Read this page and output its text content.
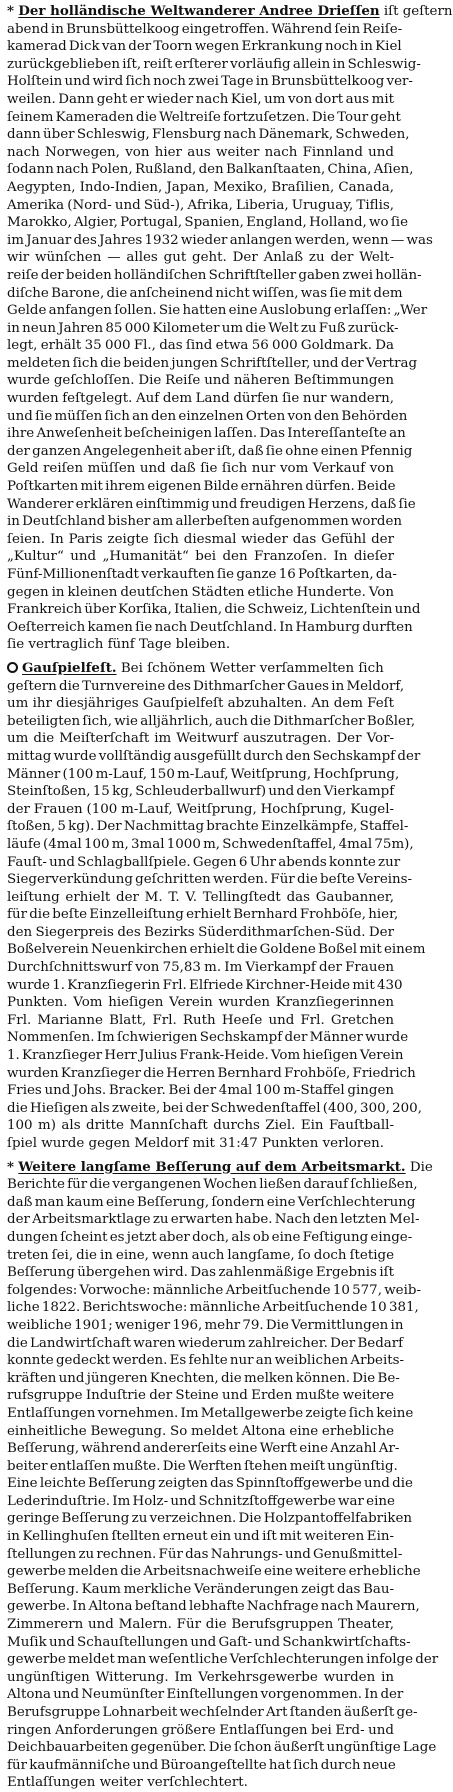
* Der holländische Weltwanderer Andree Drieſſen iſt geſtern
abend in Brunsbüttelkoog eingetroffen. Während ſein Reiſe-
kamerad Dick van der Toorn wegen Erkrankung noch in Kiel
zurückgeblieben iſt, reiſt erſterer vorläufig allein in Schleswig-
Holſtein und wird ſich noch zwei Tage in Brunsbüttelkoog ver-
weilen. Dann geht er wieder nach Kiel, um von dort aus mit
ſeinem Kameraden die Weltreiſe fortzuſetzen. Die Tour geht
dann über Schleswig, Flensburg nach Dänemark, Schweden,
nach Norwegen, von hier aus weiter nach Finnland und
ſodann nach Polen, Rußland, den Balkanſtaaten, China, Aſien,
Aegypten, Indo-Indien, Japan, Mexiko, Braſilien, Canada,
Amerika (Nord- und Süd-), Afrika, Liberia, Uruguay, Tiflis,
Marokko, Algier, Portugal, Spanien, England, Holland, wo ſie
im Januar des Jahres 1932 wieder anlangen werden, wenn — was
wir wünſchen — alles gut geht. Der Anlaß zu der Welt-
reiſe der beiden holländiſchen Schriftſteller gaben zwei hollän-
diſche Barone, die anſcheinend nicht wiſſen, was ſie mit dem
Gelde anfangen ſollen. Sie hatten eine Auslobung erlaſſen: „Wer
in neun Jahren 85 000 Kilometer um die Welt zu Fuß zurück-
legt, erhält 35 000 Fl., das ſind etwa 56 000 Goldmark. Da
meldeten ſich die beiden jungen Schriftſteller, und der Vertrag
wurde geſchloſſen. Die Reiſe und näheren Beſtimmungen
wurden feſtgelegt. Auf dem Land dürfen ſie nur wandern,
und ſie müſſen ſich an den einzelnen Orten von den Behörden
ihre Anweſenheit beſcheinigen laſſen. Das Intereſſanteſte an
der ganzen Angelegenheit aber iſt, daß ſie ohne einen Pfennig
Geld reiſen müſſen und daß ſie ſich nur vom Verkauf von
Poſtkarten mit ihrem eigenen Bilde ernähren dürfen. Beide
Wanderer erklären einſtimmig und freudigen Herzens, daß ſie
in Deutſchland bisher am allerbeſten aufgenommen worden
ſeien. In Paris zeigte ſich diesmal wieder das Gefühl der
„Kultur“ und „Humanität“ bei den Franzoſen. In dieſer
Fünf-Millionenſtadt verkauften ſie ganze 16 Poſtkarten, da-
gegen in kleinen deutſchen Städten etliche Hunderte. Von
Frankreich über Korſika, Italien, die Schweiz, Lichtenſtein und
Oeſterreich kamen ſie nach Deutſchland. In Hamburg durften
ſie vertraglich fünf Tage bleiben.
Gauſpielfeſt. Bei ſchönem Wetter verſammelten ſich
geſtern die Turnvereine des Dithmarſcher Gaues in Meldorf,
um ihr diesjähriges Gauſpielfeſt abzuhalten. An dem Feſt
beteiligten ſich, wie alljährlich, auch die Dithmarſcher Boßler,
um die Meiſterſchaft im Weitwurf auszutragen. Der Vor-
mittag wurde vollſtändig ausgefüllt durch den Sechskampf der
Männer (100 m-Lauf, 150 m-Lauf, Weitſprung, Hochſprung,
Steinſtoßen, 15 kg, Schleuderballwurf) und den Vierkampf
der Frauen (100 m-Lauf, Weitſprung, Hochſprung, Kugel-
ſtoßen, 5 kg). Der Nachmittag brachte Einzelkämpfe, Staffel-
läufe (4mal 100 m, 3mal 1000 m, Schwedenſtaffel, 4mal 75m),
Fauſt- und Schlagballſpiele. Gegen 6 Uhr abends konnte zur
Siegerverkündung geſchritten werden. Für die beſte Vereins-
leiſtung erhielt der M. T. V. Tellingſtedt das Gaubanner,
für die beſte Einzelleiſtung erhielt Bernhard Frohböſe, hier,
den Siegerpreis des Bezirks Süderdithmarſchen-Süd. Der
Boßelverein Neuenkirchen erhielt die Goldene Boßel mit einem
Durchſchnittswurf von 75,83 m. Im Vierkampf der Frauen
wurde 1. Kranzſiegerin Frl. Elfriede Kirchner-Heide mit 430
Punkten. Vom hieſigen Verein wurden Kranzſiegerinnen
Frl. Marianne Blatt, Frl. Ruth Heeſe und Frl. Gretchen
Nommenſen. Im ſchwierigen Sechskampf der Männer wurde
1. Kranzſieger Herr Julius Frank-Heide. Vom hieſigen Verein
wurden Kranzſieger die Herren Bernhard Frohböſe, Friedrich
Fries und Johs. Bracker. Bei der 4mal 100 m-Staffel gingen
die Hieſigen als zweite, bei der Schwedenſtaffel (400, 300, 200,
100 m) als dritte Mannſchaft durchs Ziel. Ein Fauſtball-
ſpiel wurde gegen Meldorf mit 31:47 Punkten verloren.
* Weitere langſame Beſſerung auf dem Arbeitsmarkt. Die
Berichte für die vergangenen Wochen ließen darauf ſchließen,
daß man kaum eine Beſſerung, ſondern eine Verſchlechterung
der Arbeitsmarktlage zu erwarten habe. Nach den letzten Mel-
dungen ſcheint es jetzt aber doch, als ob eine Feſtigung einge-
treten ſei, die in eine, wenn auch langſame, ſo doch ſtetige
Beſſerung übergehen wird. Das zahlenmäßige Ergebnis iſt
folgendes: Vorwoche: männliche Arbeitſuchende 10 577, weib-
liche 1822. Berichtswoche: männliche Arbeitſuchende 10 381,
weibliche 1901; weniger 196, mehr 79. Die Vermittlungen in
die Landwirtſchaft waren wiederum zahlreicher. Der Bedarf
konnte gedeckt werden. Es fehlte nur an weiblichen Arbeits-
kräften und jüngeren Knechten, die melken können. Die Be-
rufsgruppe Induſtrie der Steine und Erden mußte weitere
Entlaſſungen vornehmen. Im Metallgewerbe zeigte ſich keine
einheitliche Bewegung. So meldet Altona eine erhebliche
Beſſerung, während andererſeits eine Werft eine Anzahl Ar-
beiter entlaſſen mußte. Die Werften ſtehen meiſt ungünſtig.
Eine leichte Beſſerung zeigten das Spinnſtoffgewerbe und die
Lederinduſtrie. Im Holz- und Schnitzſtoffgewerbe war eine
geringe Beſſerung zu verzeichnen. Die Holzpantoffelfabriken
in Kellinghuſen ſtellten erneut ein und iſt mit weiteren Ein-
ſtellungen zu rechnen. Für das Nahrungs- und Genußmittel-
gewerbe melden die Arbeitsnachweiſe eine weitere erhebliche
Beſſerung. Kaum merkliche Veränderungen zeigt das Bau-
gewerbe. In Altona beſtand lebhafte Nachfrage nach Maurern,
Zimmerern und Malern. Für die Berufsgruppen Theater,
Muſik und Schauſtellungen und Gaſt- und Schankwirtſchafts-
gewerbe meldet man weſentliche Verſchlechterungen infolge der
ungünſtigen Witterung. Im Verkehrsgewerbe wurden in
Altona und Neumünſter Einſtellungen vorgenommen. In der
Berufsgruppe Lohnarbeit wechſelnder Art ſtanden äußerſt ge-
ringen Anforderungen größere Entlaſſungen bei Erd- und
Deichbauarbeiten gegenüber. Die ſchon äußerſt ungünſtige Lage
für kaufmänniſche und Büroangeſtellte hat ſich durch neue
Entlaſſungen weiter verſchlechtert.
